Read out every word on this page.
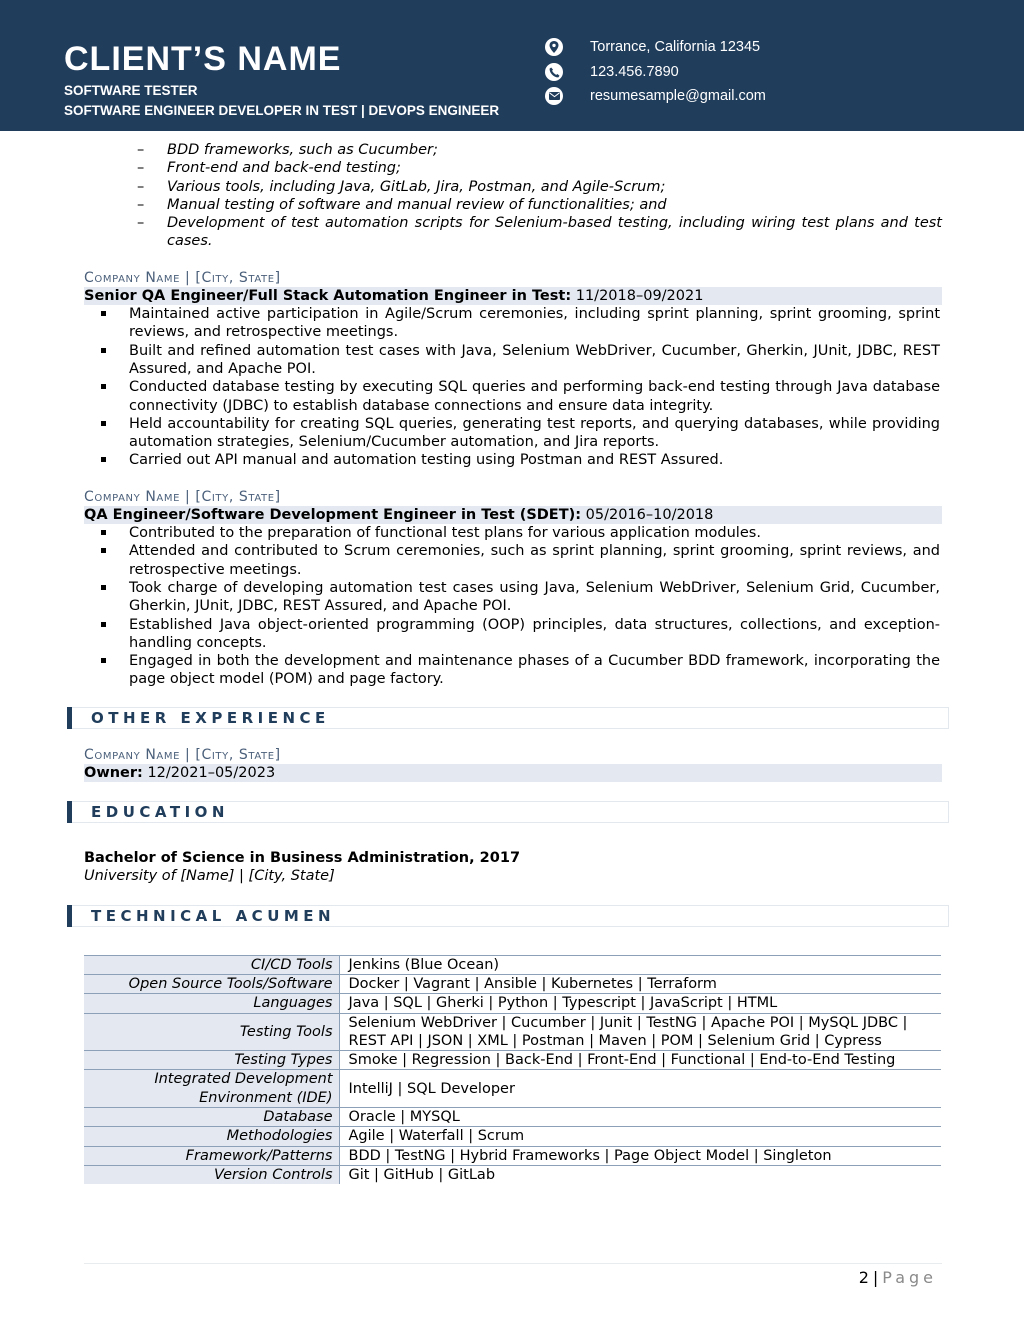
CLIENT’S NAME
SOFTWARE TESTER
SOFTWARE ENGINEER DEVELOPER IN TEST | DEVOPS ENGINEER
Torrance, California 12345
123.456.7890
resumesample@gmail.com
– BDD frameworks, such as Cucumber;
– Front-end and back-end testing;
– Various tools, including Java, GitLab, Jira, Postman, and Agile-Scrum;
– Manual testing of software and manual review of functionalities; and
– Development of test automation scripts for Selenium-based testing, including wiring test plans and test cases.
Company Name | [City, State]
Senior QA Engineer/Full Stack Automation Engineer in Test: 11/2018–09/2021
Maintained active participation in Agile/Scrum ceremonies, including sprint planning, sprint grooming, sprint reviews, and retrospective meetings.
Built and refined automation test cases with Java, Selenium WebDriver, Cucumber, Gherkin, JUnit, JDBC, REST Assured, and Apache POI.
Conducted database testing by executing SQL queries and performing back-end testing through Java database connectivity (JDBC) to establish database connections and ensure data integrity.
Held accountability for creating SQL queries, generating test reports, and querying databases, while providing automation strategies, Selenium/Cucumber automation, and Jira reports.
Carried out API manual and automation testing using Postman and REST Assured.
Company Name | [City, State]
QA Engineer/Software Development Engineer in Test (SDET): 05/2016–10/2018
Contributed to the preparation of functional test plans for various application modules.
Attended and contributed to Scrum ceremonies, such as sprint planning, sprint grooming, sprint reviews, and retrospective meetings.
Took charge of developing automation test cases using Java, Selenium WebDriver, Selenium Grid, Cucumber, Gherkin, JUnit, JDBC, REST Assured, and Apache POI.
Established Java object-oriented programming (OOP) principles, data structures, collections, and exception-handling concepts.
Engaged in both the development and maintenance phases of a Cucumber BDD framework, incorporating the page object model (POM) and page factory.
OTHER EXPERIENCE
Company Name | [City, State]
Owner: 12/2021–05/2023
EDUCATION
Bachelor of Science in Business Administration, 2017
University of [Name] | [City, State]
TECHNICAL ACUMEN
CI/CD Tools	Jenkins (Blue Ocean)
Open Source Tools/Software	Docker | Vagrant | Ansible | Kubernetes | Terraform
Languages	Java | SQL | Gherki | Python | Typescript | JavaScript | HTML
Testing Tools	Selenium WebDriver | Cucumber | Junit | TestNG | Apache POI | MySQL JDBC | REST API | JSON | XML | Postman | Maven | POM | Selenium Grid | Cypress
Testing Types	Smoke | Regression | Back-End | Front-End | Functional | End-to-End Testing
Integrated Development Environment (IDE)	IntelliJ | SQL Developer
Database	Oracle | MYSQL
Methodologies	Agile | Waterfall | Scrum
Framework/Patterns	BDD | TestNG | Hybrid Frameworks | Page Object Model | Singleton
Version Controls	Git | GitHub | GitLab
2 | Page
